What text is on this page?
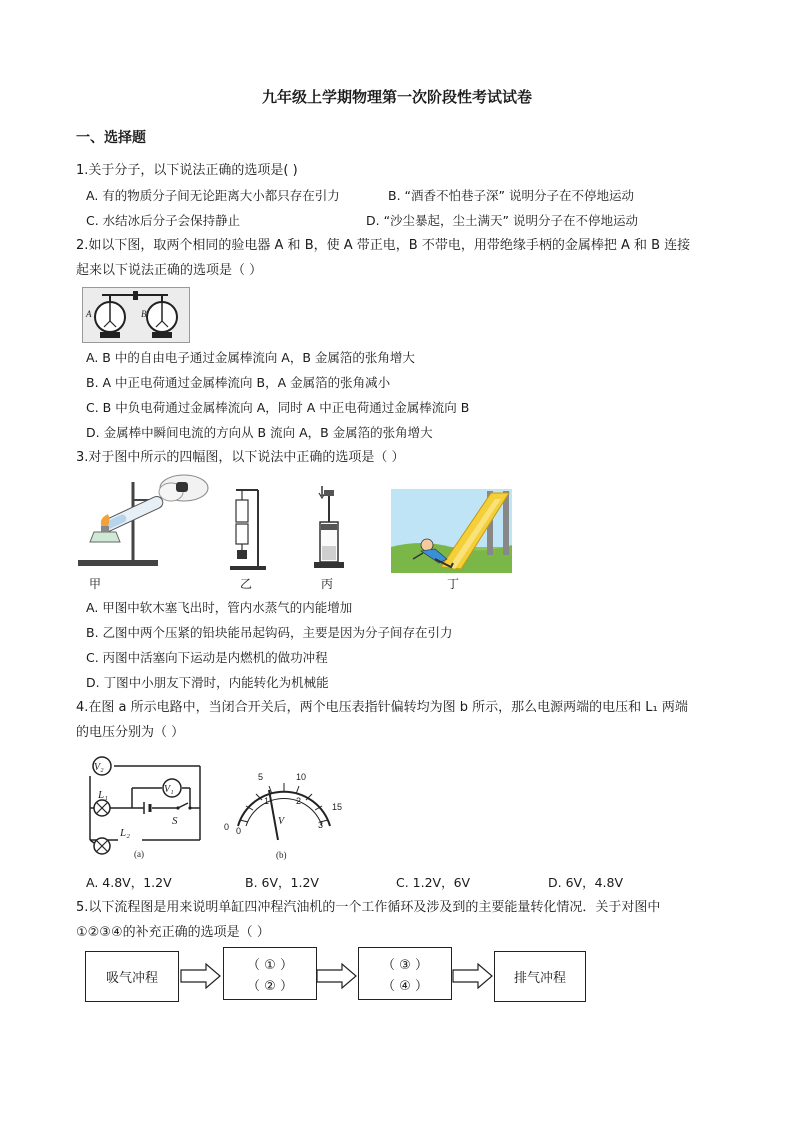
九年级上学期物理第一次阶段性考试试卷
一、选择题
1.关于分子，以下说法正确的选项是( )
A. 有的物质分子间无论距离大小都只存在引力	B. “酒香不怕巷子深” 说明分子在不停地运动
C. 水结冰后分子会保持静止	D. “沙尘暴起，尘土满天” 说明分子在不停地运动
2.如以下图，取两个相同的验电器 A 和 B，使 A 带正电，B 不带电，用带绝缘手柄的金属棒把 A 和 B 连接
起来以下说法正确的选项是（ ）
A	B
A. B 中的自由电子通过金属棒流向 A，B 金属箔的张角增大
B. A 中正电荷通过金属棒流向 B，A 金属箔的张角减小
C. B 中负电荷通过金属棒流向 A，同时 A 中正电荷通过金属棒流向 B
D. 金属棒中瞬间电流的方向从 B 流向 A，B 金属箔的张角增大
3.对于图中所示的四幅图，以下说法中正确的选项是（ ）
甲	乙	丙	丁
A. 甲图中软木塞飞出时，管内水蒸气的内能增加
B. 乙图中两个压紧的铅块能吊起钩码，主要是因为分子间存在引力
C. 丙图中活塞向下运动是内燃机的做功冲程
D. 丁图中小朋友下滑时，内能转化为机械能
4.在图 a 所示电路中，当闭合开关后，两个电压表指针偏转均为图 b 所示，那么电源两端的电压和 L₁ 两端
的电压分别为（ ）
V₂
V₁
L₁
L₂
S
(a)
0
5	10
15
0
1	2
3
V
(b)
A. 4.8V，1.2V	B. 6V，1.2V	C. 1.2V，6V	D. 6V，4.8V
5.以下流程图是用来说明单缸四冲程汽油机的一个工作循环及涉及到的主要能量转化情况．关于对图中
①②③④的补充正确的选项是（ ）
吸气冲程
（ ① ）
（ ② ）
（ ③ ）
（ ④ ）	排气冲程
